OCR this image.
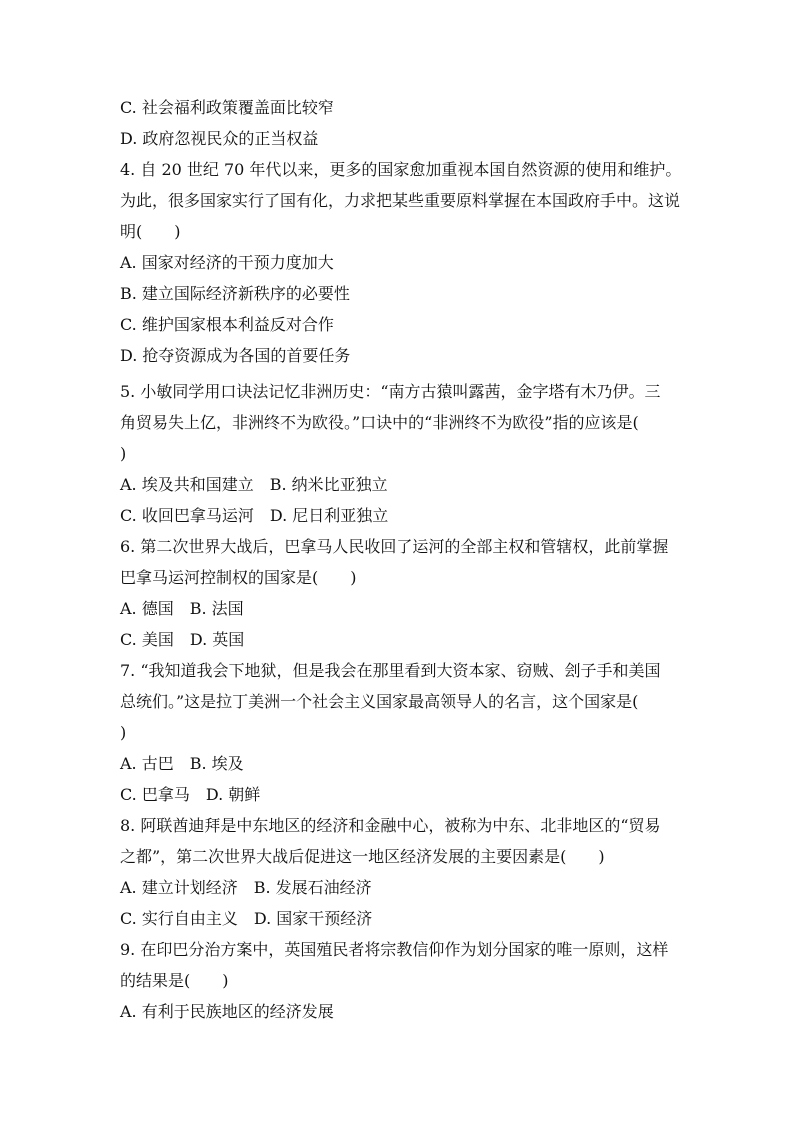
C. 社会福利政策覆盖面比较窄
D. 政府忽视民众的正当权益
4. 自 20 世纪 70 年代以来，更多的国家愈加重视本国自然资源的使用和维护。
为此，很多国家实行了国有化，力求把某些重要原料掌握在本国政府手中。这说
明(　　)
A. 国家对经济的干预力度加大
B. 建立国际经济新秩序的必要性
C. 维护国家根本利益反对合作
D. 抢夺资源成为各国的首要任务
5. 小敏同学用口诀法记忆非洲历史：“南方古猿叫露茜，金字塔有木乃伊。三
角贸易失上亿，非洲终不为欧役。”口诀中的“非洲终不为欧役”指的应该是(
)
A. 埃及共和国建立　B. 纳米比亚独立
C. 收回巴拿马运河　D. 尼日利亚独立
6. 第二次世界大战后，巴拿马人民收回了运河的全部主权和管辖权，此前掌握
巴拿马运河控制权的国家是(　　)
A. 德国　B. 法国
C. 美国　D. 英国
7. “我知道我会下地狱，但是我会在那里看到大资本家、窃贼、刽子手和美国
总统们。”这是拉丁美洲一个社会主义国家最高领导人的名言，这个国家是(
)
A. 古巴　B. 埃及
C. 巴拿马　D. 朝鲜
8. 阿联酋迪拜是中东地区的经济和金融中心，被称为中东、北非地区的“贸易
之都”，第二次世界大战后促进这一地区经济发展的主要因素是(　　)
A. 建立计划经济　B. 发展石油经济
C. 实行自由主义　D. 国家干预经济
9. 在印巴分治方案中，英国殖民者将宗教信仰作为划分国家的唯一原则，这样
的结果是(　　)
A. 有利于民族地区的经济发展
